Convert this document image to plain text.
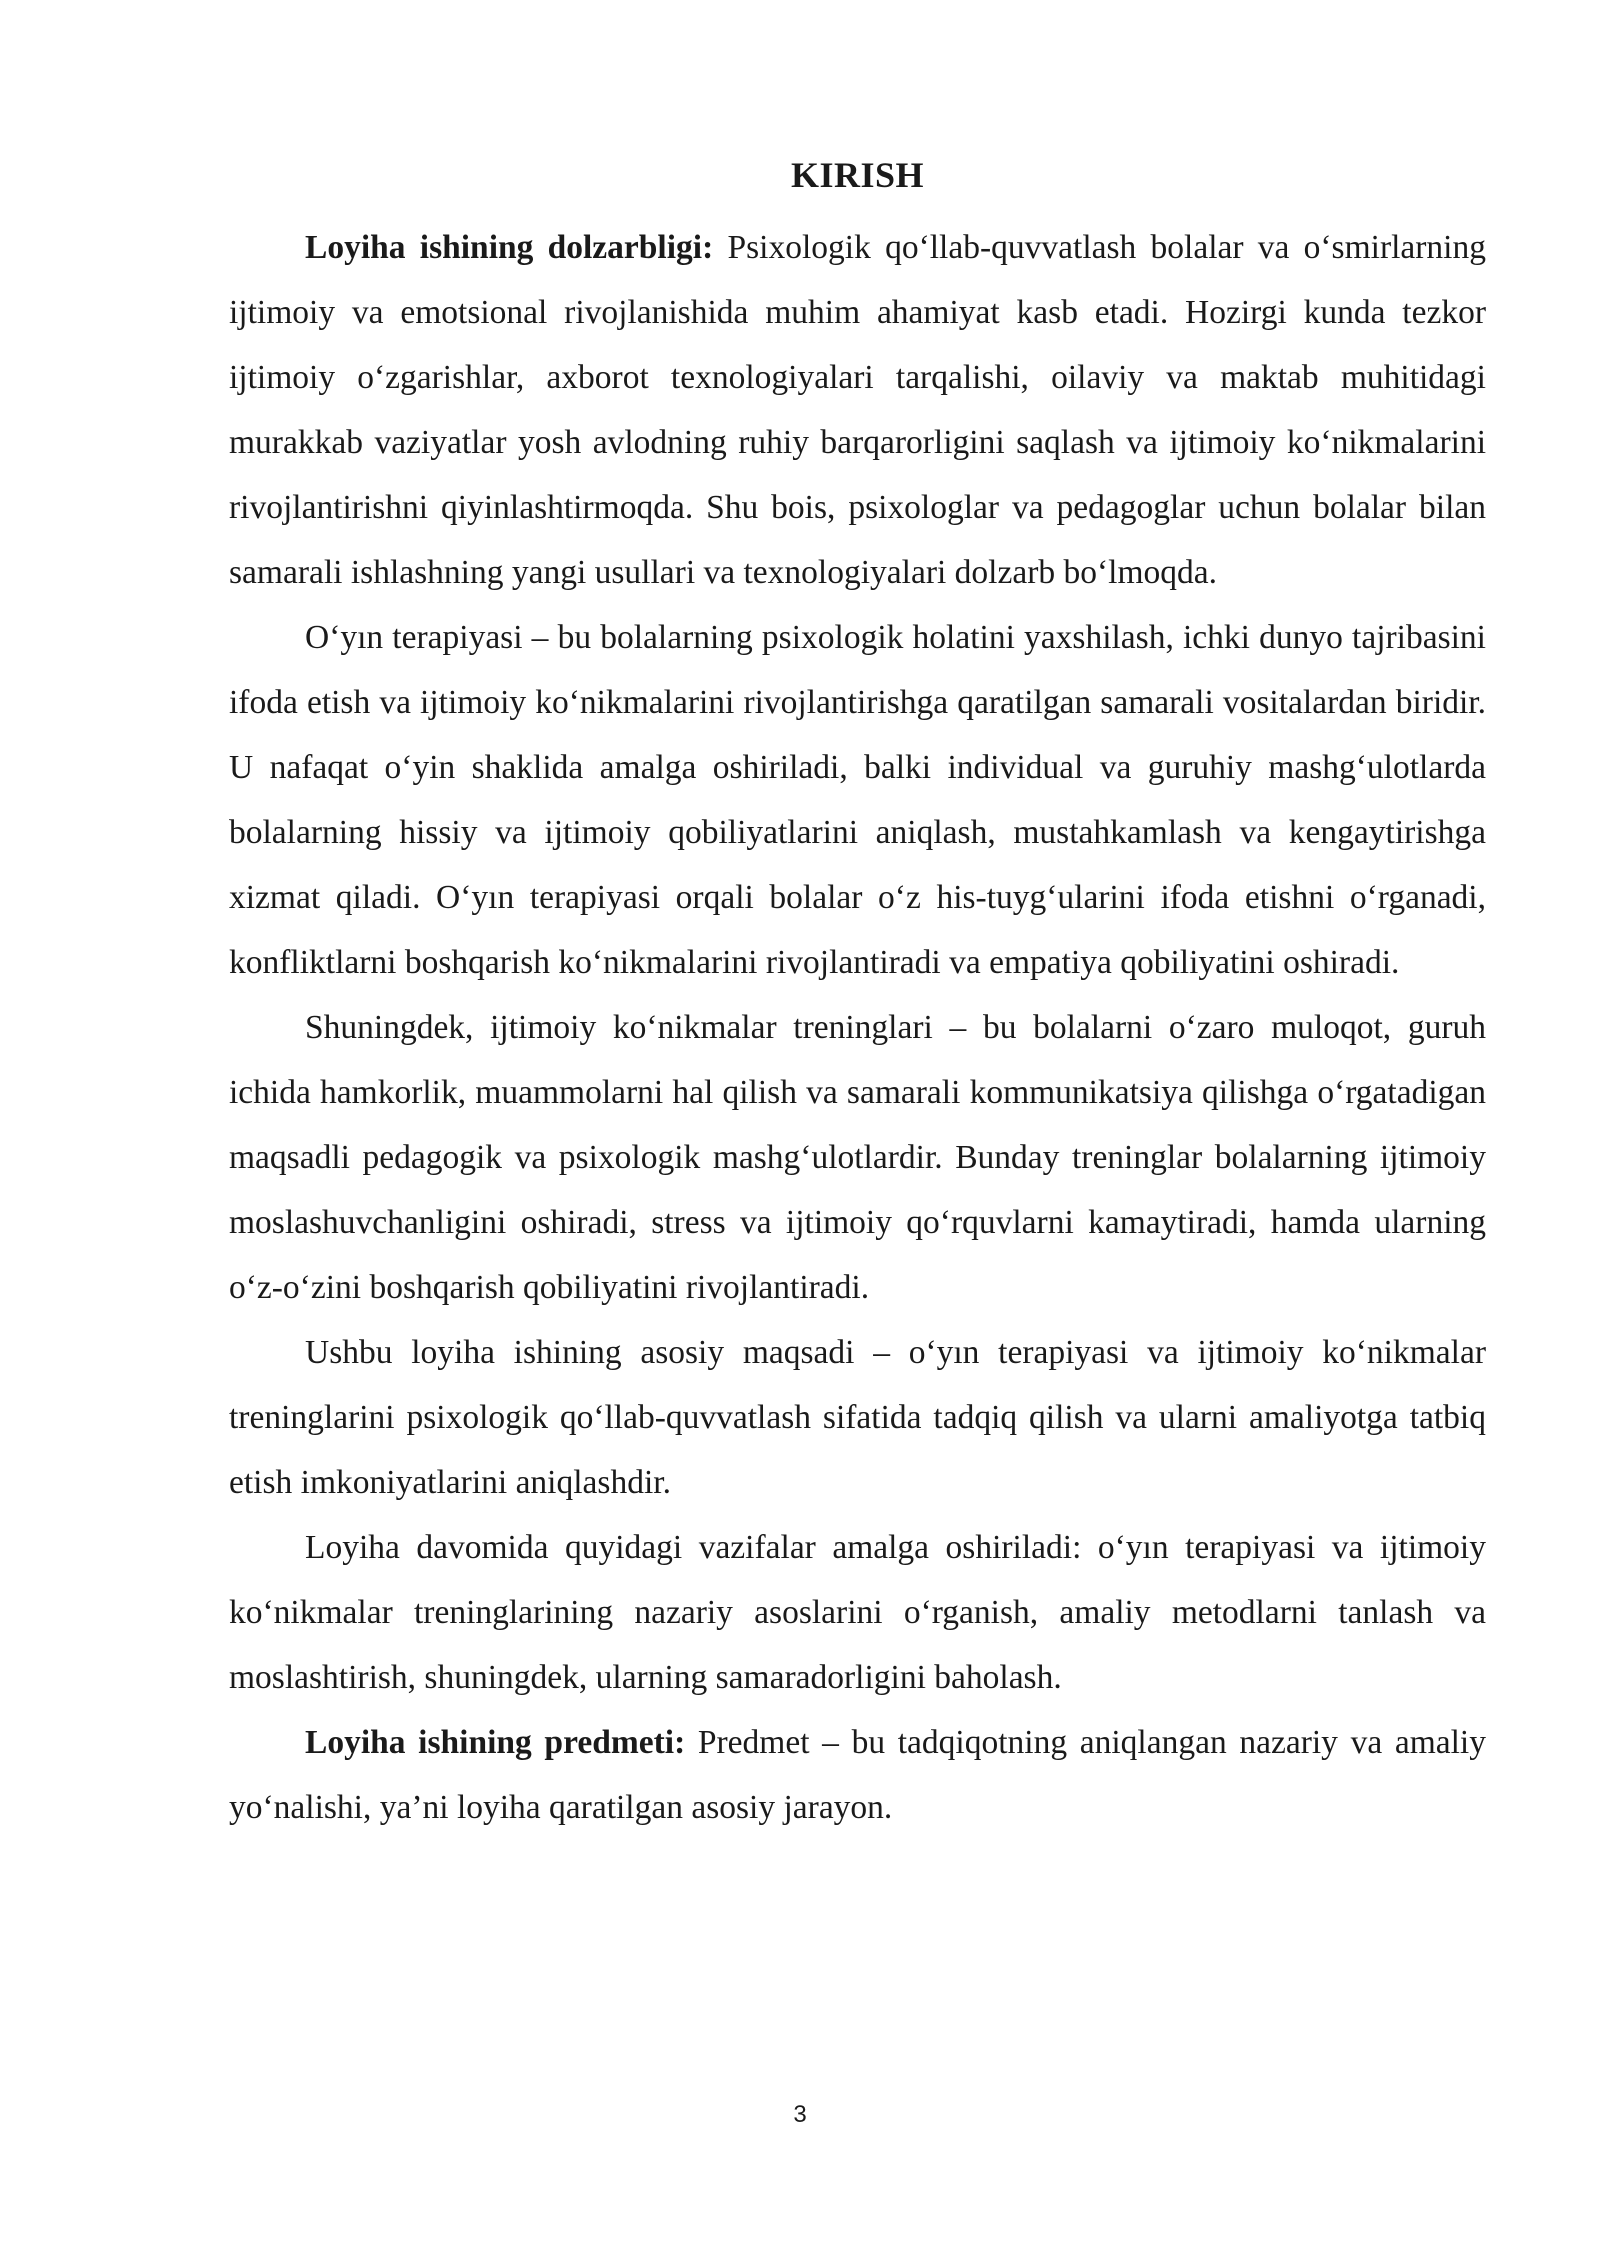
KIRISH

Loyiha ishining dolzarbligi: Psixologik qoʻllab-quvvatlash bolalar va oʻsmirlarning ijtimoiy va emotsional rivojlanishida muhim ahamiyat kasb etadi. Hozirgi kunda tezkor ijtimoiy oʻzgarishlar, axborot texnologiyalari tarqalishi, oilaviy va maktab muhitidagi murakkab vaziyatlar yosh avlodning ruhiy barqarorligini saqlash va ijtimoiy koʻnikmalarini rivojlantirishni qiyinlashtirmoqda. Shu bois, psixologlar va pedagoglar uchun bolalar bilan samarali ishlashning yangi usullari va texnologiyalari dolzarb boʻlmoqda.

Oʻyın terapiyasi – bu bolalarning psixologik holatini yaxshilash, ichki dunyo tajribasini ifoda etish va ijtimoiy koʻnikmalarini rivojlantirishga qaratilgan samarali vositalardan biridir. U nafaqat oʻyin shaklida amalga oshiriladi, balki individual va guruhiy mashgʻulotlarda bolalarning hissiy va ijtimoiy qobiliyatlarini aniqlash, mustahkamlash va kengaytirishga xizmat qiladi. Oʻyın terapiyasi orqali bolalar oʻz his-tuygʻularini ifoda etishni oʻrganadi, konfliktlarni boshqarish koʻnikmalarini rivojlantiradi va empatiya qobiliyatini oshiradi.

Shuningdek, ijtimoiy koʻnikmalar treninglari – bu bolalarni oʻzaro muloqot, guruh ichida hamkorlik, muammolarni hal qilish va samarali kommunikatsiya qilishga oʻrgatadigan maqsadli pedagogik va psixologik mashgʻulotlardir. Bunday treninglar bolalarning ijtimoiy moslashuvchanligini oshiradi, stress va ijtimoiy qoʻrquvlarni kamaytiradi, hamda ularning oʻz-oʻzini boshqarish qobiliyatini rivojlantiradi.

Ushbu loyiha ishining asosiy maqsadi – oʻyın terapiyasi va ijtimoiy koʻnikmalar treninglarini psixologik qoʻllab-quvvatlash sifatida tadqiq qilish va ularni amaliyotga tatbiq etish imkoniyatlarini aniqlashdir.

Loyiha davomida quyidagi vazifalar amalga oshiriladi: oʻyın terapiyasi va ijtimoiy koʻnikmalar treninglarining nazariy asoslarini oʻrganish, amaliy metodlarni tanlash va moslashtirish, shuningdek, ularning samaradorligini baholash.

Loyiha ishining predmeti: Predmet – bu tadqiqotning aniqlangan nazariy va amaliy yoʻnalishi, ya’ni loyiha qaratilgan asosiy jarayon.

3
